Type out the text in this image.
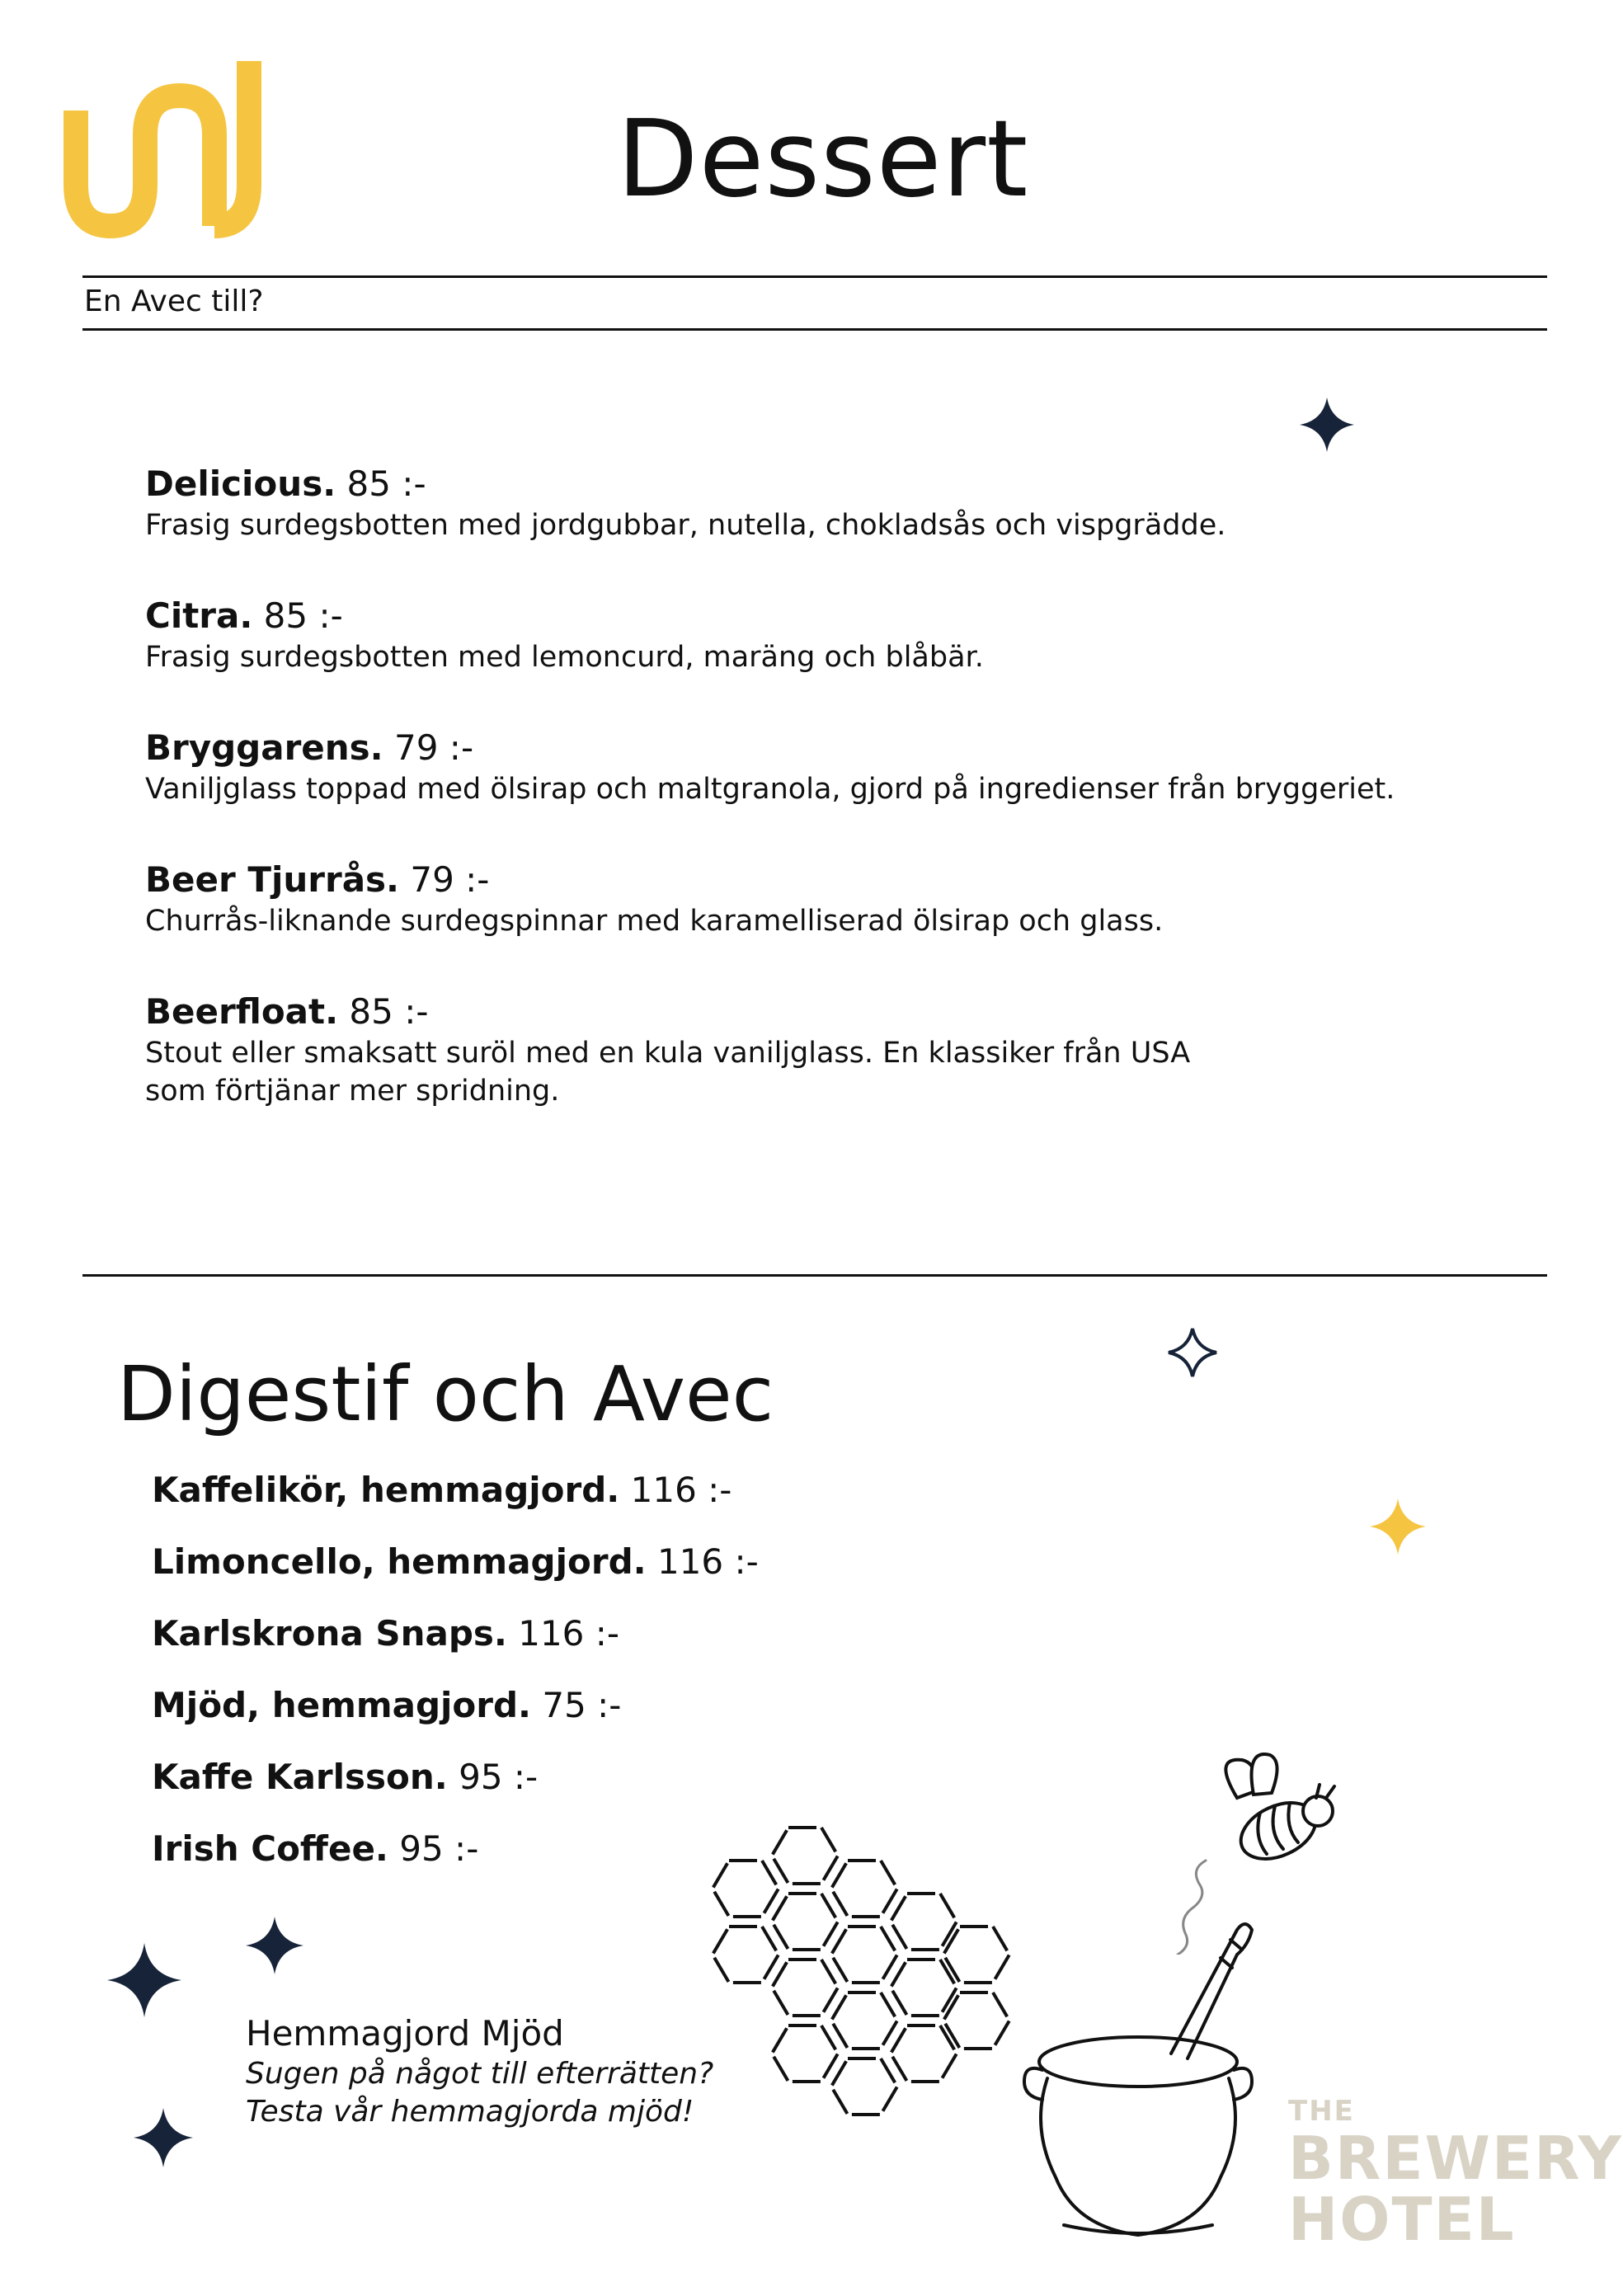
Dessert
En Avec till?
Delicious. 85 :-
Frasig surdegsbotten med jordgubbar, nutella, chokladsås och vispgrädde.
Citra. 85 :-
Frasig surdegsbotten med lemoncurd, maräng och blåbär.
Bryggarens. 79 :-
Vaniljglass toppad med ölsirap och maltgranola, gjord på ingredienser från bryggeriet.
Beer Tjurrås. 79 :-
Churrås-liknande surdegspinnar med karamelliserad ölsirap och glass.
Beerfloat. 85 :-
Stout eller smaksatt suröl med en kula vaniljglass. En klassiker från USA
som förtjänar mer spridning.
Digestif och Avec
Kaffelikör, hemmagjord. 116 :-
Limoncello, hemmagjord. 116 :-
Karlskrona Snaps. 116 :-
Mjöd, hemmagjord. 75 :-
Kaffe Karlsson. 95 :-
Irish Coffee. 95 :-
Hemmagjord Mjöd
Sugen på något till efterrätten?
Testa vår hemmagjorda mjöd!	THE
BREWERY
HOTEL
